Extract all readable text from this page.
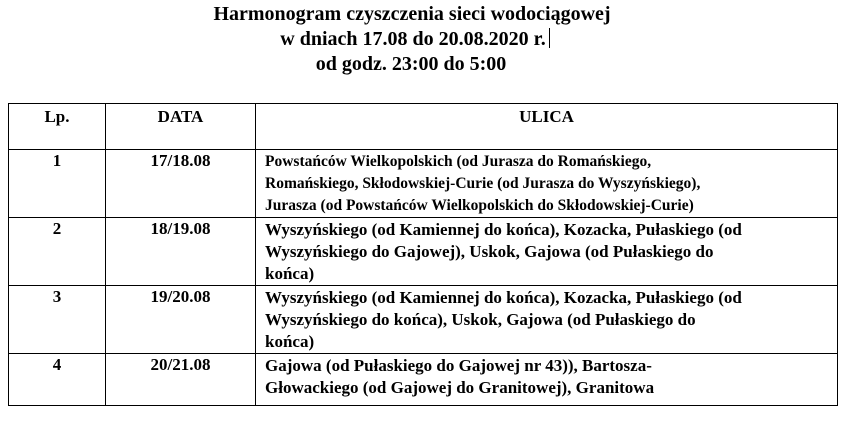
Harmonogram czyszczenia sieci wodociągowej
w dniach 17.08 do 20.08.2020 r.
od godz. 23:00 do 5:00
Lp.	DATA	ULICA
1	17/18.08	Powstańców Wielkopolskich (od Jurasza do Romańskiego,
Romańskiego, Skłodowskiej-Curie (od Jurasza do Wyszyńskiego),
Jurasza (od Powstańców Wielkopolskich do Skłodowskiej-Curie)

2	18/19.08	Wyszyńskiego (od Kamiennej do końca), Kozacka, Pułaskiego (od
Wyszyńskiego do Gajowej), Uskok, Gajowa (od Pułaskiego do
końca)

3	19/20.08	Wyszyńskiego (od Kamiennej do końca), Kozacka, Pułaskiego (od
Wyszyńskiego do końca), Uskok, Gajowa (od Pułaskiego do
końca)

4	20/21.08	Gajowa (od Pułaskiego do Gajowej nr 43)), Bartosza-
Głowackiego (od Gajowej do Granitowej), Granitowa
